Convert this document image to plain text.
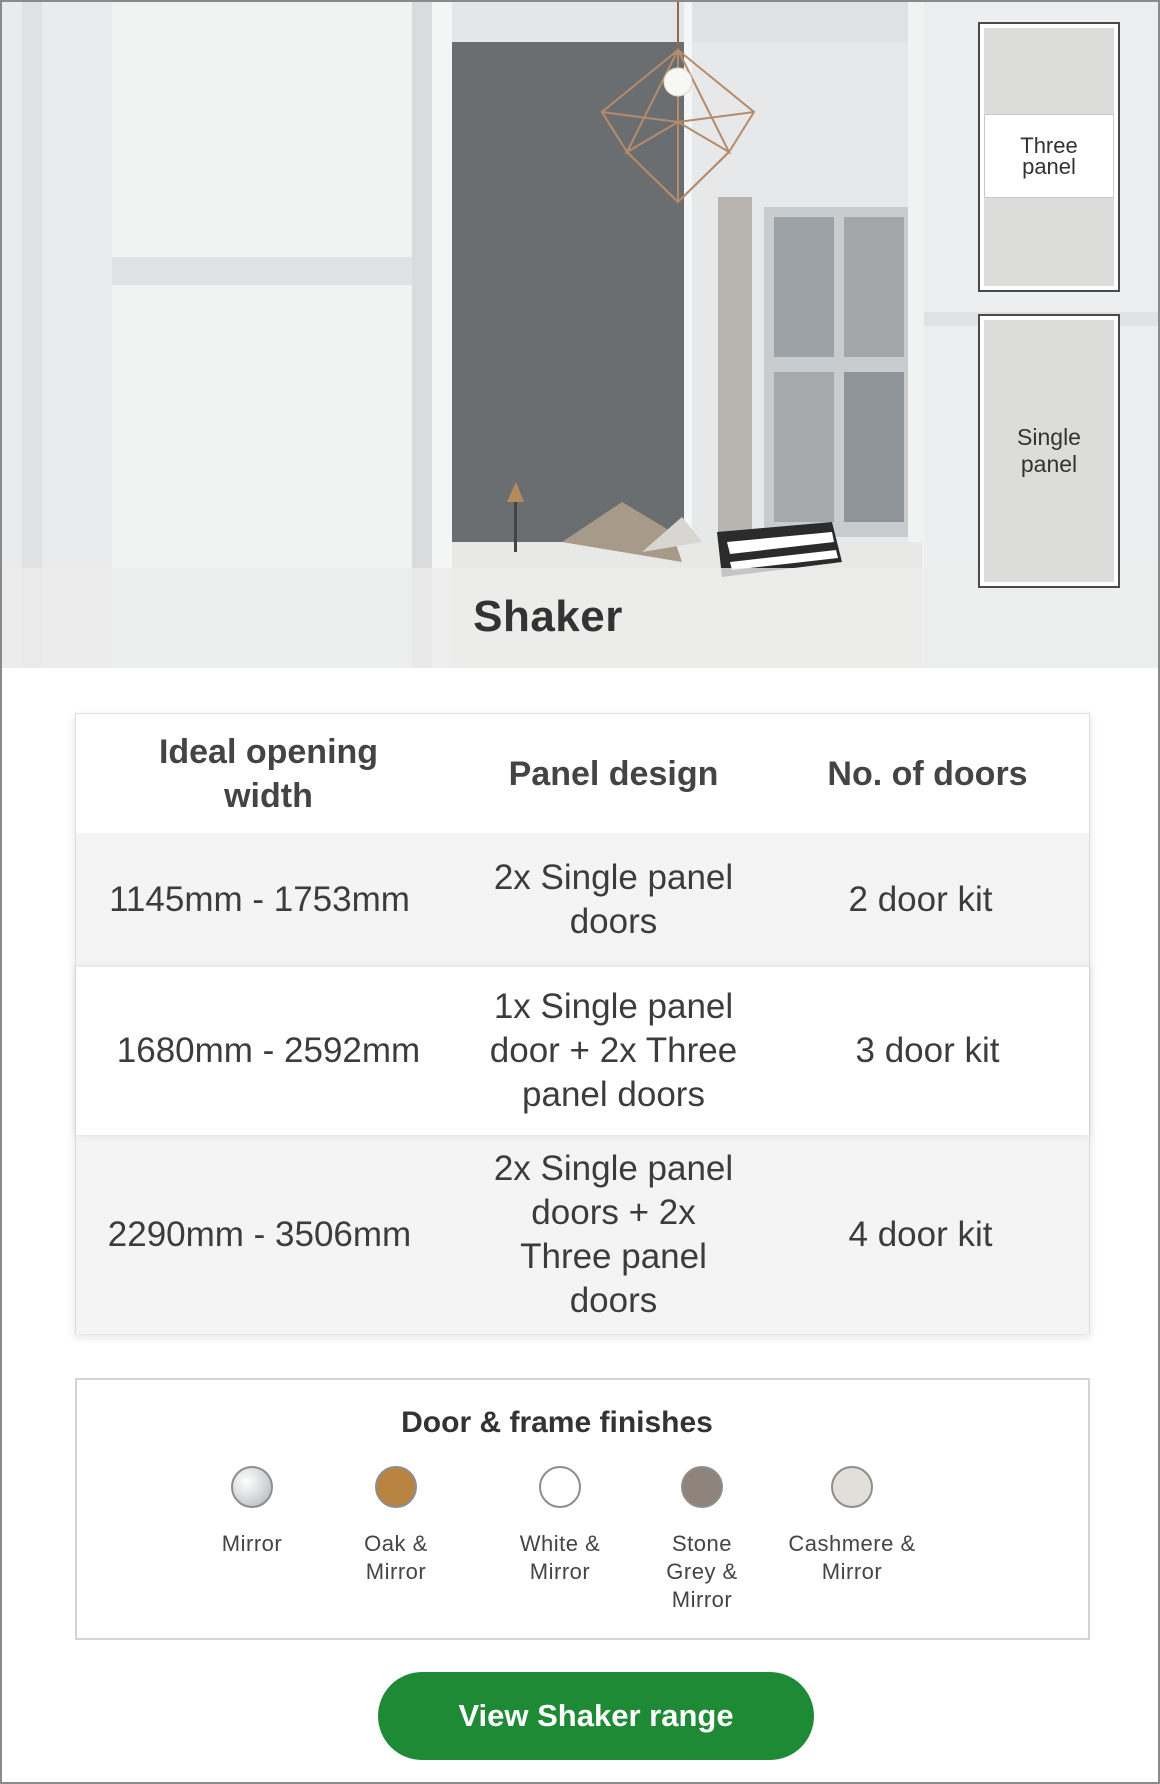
Shaker
Three panel
Single panel
Ideal opening width
Panel design	No. of doors
1145mm - 1753mm
2x Single panel doors
2 door kit
1680mm - 2592mm
1x Single panel door + 2x Three panel doors
3 door kit
2290mm - 3506mm
2x Single panel doors + 2x Three panel doors
4 door kit
Door & frame finishes
Mirror	Oak & Mirror
White & Mirror
Stone Grey & Mirror
Cashmere & Mirror
View Shaker range
